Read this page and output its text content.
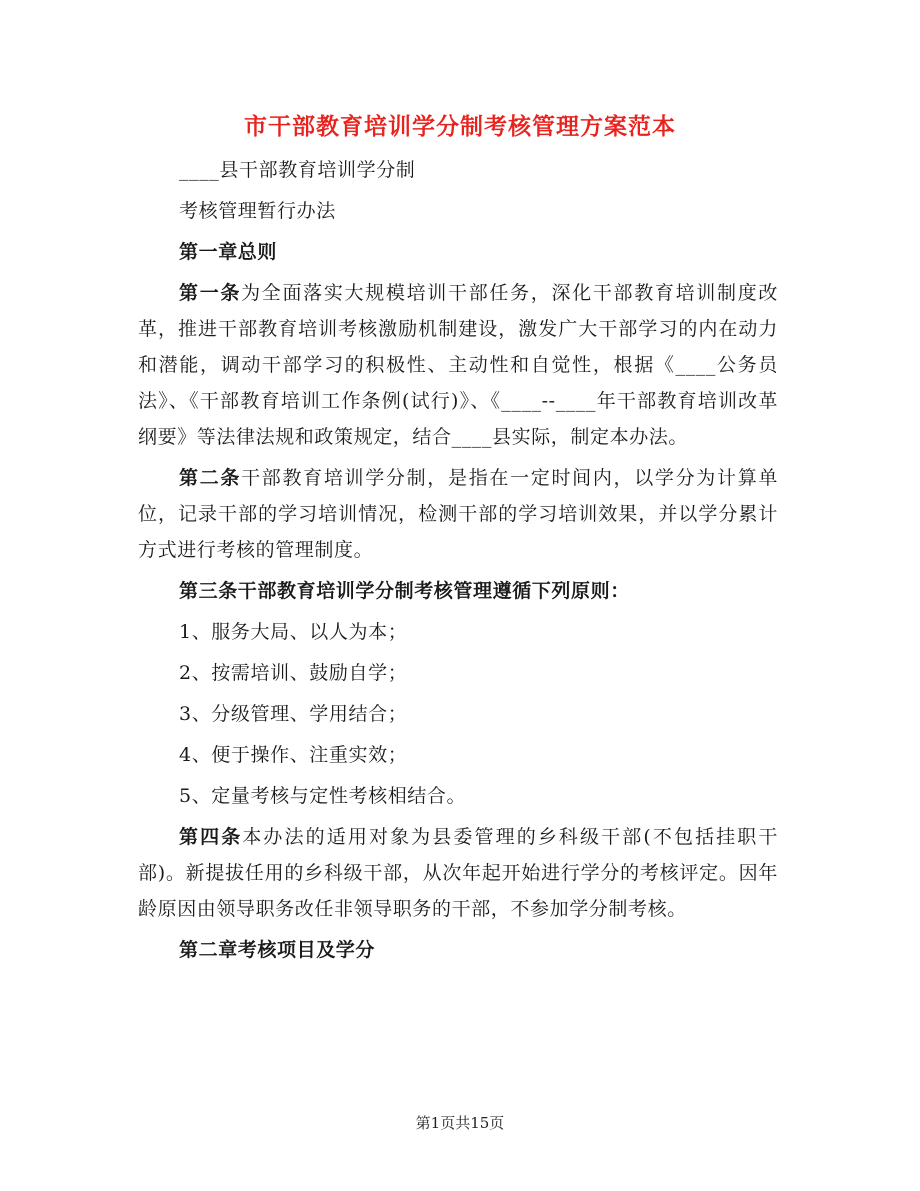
市干部教育培训学分制考核管理方案范本

____县干部教育培训学分制

考核管理暂行办法

第一章总则

第一条为全面落实大规模培训干部任务，深化干部教育培训制度改革，推进干部教育培训考核激励机制建设，激发广大干部学习的内在动力和潜能，调动干部学习的积极性、主动性和自觉性，根据《____公务员法》、《干部教育培训工作条例(试行)》、《____--____年干部教育培训改革纲要》等法律法规和政策规定，结合____县实际，制定本办法。

第二条干部教育培训学分制，是指在一定时间内，以学分为计算单位，记录干部的学习培训情况，检测干部的学习培训效果，并以学分累计方式进行考核的管理制度。

第三条干部教育培训学分制考核管理遵循下列原则：

1、服务大局、以人为本；

2、按需培训、鼓励自学；

3、分级管理、学用结合；

4、便于操作、注重实效；

5、定量考核与定性考核相结合。

第四条本办法的适用对象为县委管理的乡科级干部(不包括挂职干部)。新提拔任用的乡科级干部，从次年起开始进行学分的考核评定。因年龄原因由领导职务改任非领导职务的干部，不参加学分制考核。

第二章考核项目及学分

第1页共15页
